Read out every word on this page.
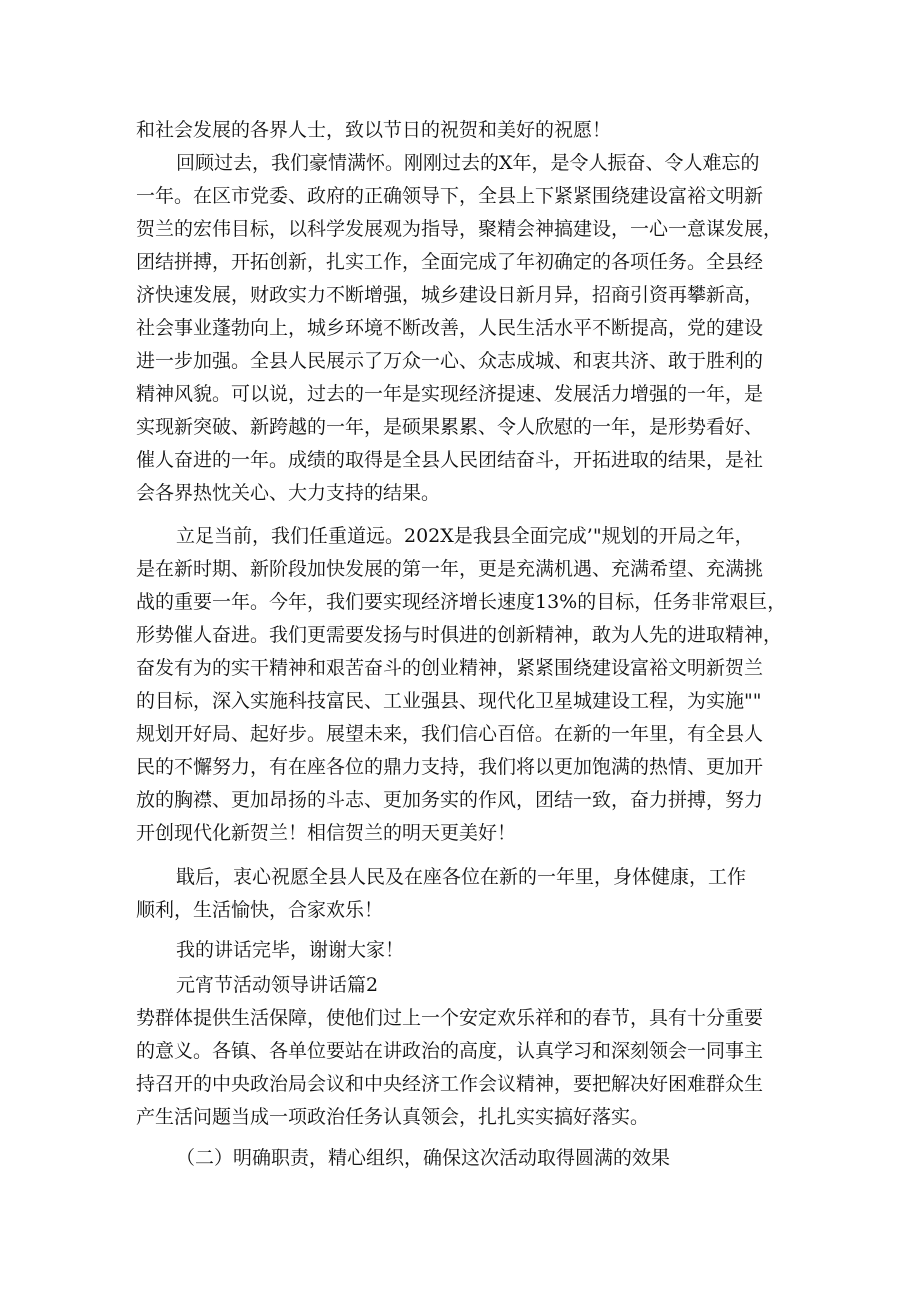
和社会发展的各界人士，致以节日的祝贺和美好的祝愿！
回顾过去，我们豪情满怀。刚刚过去的X年，是令人振奋、令人难忘的
一年。在区市党委、政府的正确领导下，全县上下紧紧围绕建设富裕文明新
贺兰的宏伟目标，以科学发展观为指导，聚精会神搞建设，一心一意谋发展，
团结拼搏，开拓创新，扎实工作，全面完成了年初确定的各项任务。全县经
济快速发展，财政实力不断增强，城乡建设日新月异，招商引资再攀新高，
社会事业蓬勃向上，城乡环境不断改善，人民生活水平不断提高，党的建设
进一步加强。全县人民展示了万众一心、众志成城、和衷共济、敢于胜利的
精神风貌。可以说，过去的一年是实现经济提速、发展活力增强的一年，是
实现新突破、新跨越的一年，是硕果累累、令人欣慰的一年，是形势看好、
催人奋进的一年。成绩的取得是全县人民团结奋斗，开拓进取的结果，是社
会各界热忱关心、大力支持的结果。
立足当前，我们任重道远。202X是我县全面完成’"规划的开局之年，
是在新时期、新阶段加快发展的第一年，更是充满机遇、充满希望、充满挑
战的重要一年。今年，我们要实现经济增长速度13%的目标，任务非常艰巨，
形势催人奋进。我们更需要发扬与时俱进的创新精神，敢为人先的进取精神，
奋发有为的实干精神和艰苦奋斗的创业精神，紧紧围绕建设富裕文明新贺兰
的目标，深入实施科技富民、工业强县、现代化卫星城建设工程，为实施""
规划开好局、起好步。展望未来，我们信心百倍。在新的一年里，有全县人
民的不懈努力，有在座各位的鼎力支持，我们将以更加饱满的热情、更加开
放的胸襟、更加昂扬的斗志、更加务实的作风，团结一致，奋力拼搏，努力
开创现代化新贺兰！相信贺兰的明天更美好！
戢后，衷心祝愿全县人民及在座各位在新的一年里，身体健康，工作
顺利，生活愉快，合家欢乐！
我的讲话完毕，谢谢大家！
元宵节活动领导讲话篇2
势群体提供生活保障，使他们过上一个安定欢乐祥和的春节，具有十分重要
的意义。各镇、各单位要站在讲政治的高度，认真学习和深刻领会一同事主
持召开的中央政治局会议和中央经济工作会议精神，要把解决好困难群众生
产生活问题当成一项政治任务认真领会，扎扎实实搞好落实。
（二）明确职责，精心组织，确保这次活动取得圆满的效果
